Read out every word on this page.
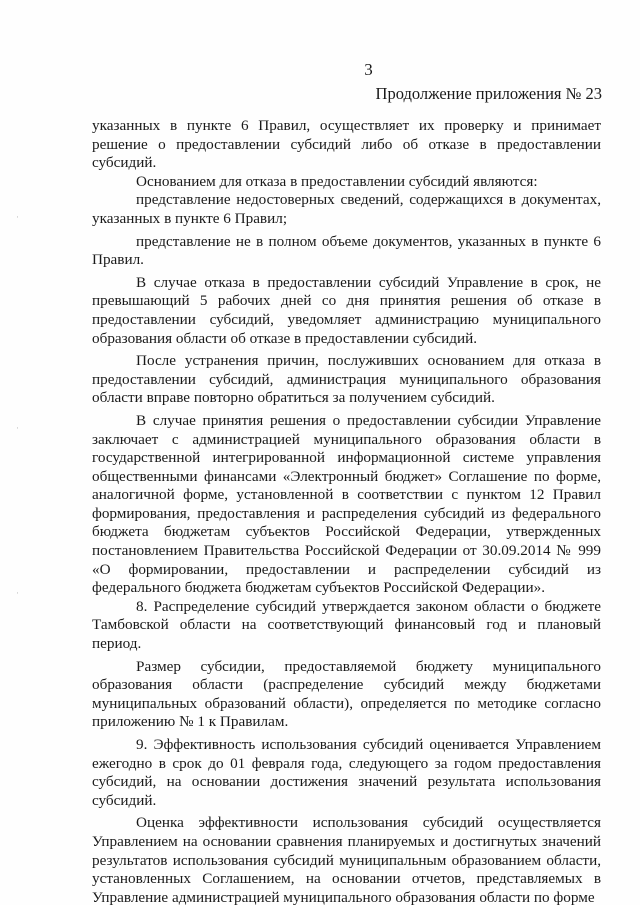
3
Продолжение приложения № 23
·
·
·

указанных в пункте 6 Правил, осуществляет их проверку и принимает решение о предоставлении субсидий либо об отказе в предоставлении субсидий.

Основанием для отказа в предоставлении субсидий являются:

представление недостоверных сведений, содержащихся в документах, указанных в пункте 6 Правил;

представление не в полном объеме документов, указанных в пункте 6 Правил.

В случае отказа в предоставлении субсидий Управление в срок, не превышающий 5 рабочих дней со дня принятия решения об отказе в предоставлении субсидий, уведомляет администрацию муниципального образования области об отказе в предоставлении субсидий.

После устранения причин, послуживших основанием для отказа в предоставлении субсидий, администрация муниципального образования области вправе повторно обратиться за получением субсидий.

В случае принятия решения о предоставлении субсидии Управление заключает с администрацией муниципального образования области в государственной интегрированной информационной системе управления общественными финансами «Электронный бюджет» Соглашение по форме, аналогичной форме, установленной в соответствии с пунктом 12 Правил формирования, предоставления и распределения субсидий из федерального бюджета бюджетам субъектов Российской Федерации, утвержденных постановлением Правительства Российской Федерации от 30.09.2014 № 999 «О формировании, предоставлении и распределении субсидий из федерального бюджета бюджетам субъектов Российской Федерации».

8. Распределение субсидий утверждается законом области о бюджете Тамбовской области на соответствующий финансовый год и плановый период.

Размер субсидии, предоставляемой бюджету муниципального образования области (распределение субсидий между бюджетами муниципальных образований области), определяется по методике согласно приложению № 1 к Правилам.

9. Эффективность использования субсидий оценивается Управлением ежегодно в срок до 01 февраля года, следующего за годом предоставления субсидий, на основании достижения значений результата использования субсидий.

Оценка эффективности использования субсидий осуществляется Управлением на основании сравнения планируемых и достигнутых значений результатов использования субсидий муниципальным образованием области, установленных Соглашением, на основании отчетов, представляемых в Управление администрацией муниципального образования области по форме
